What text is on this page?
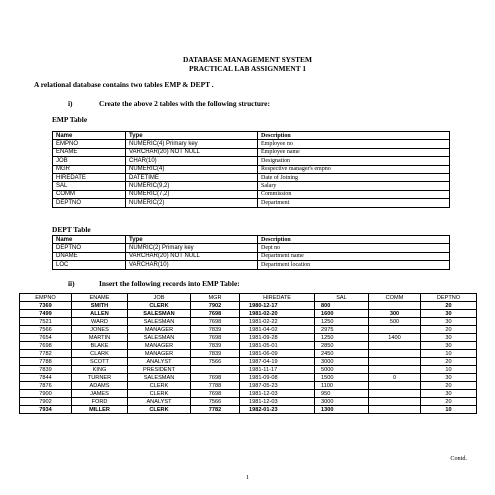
DATABASE MANAGEMENT SYSTEM
PRACTICAL LAB ASSIGNMENT 1
A relational database contains two tables EMP & DEPT .
i)	Create the above 2 tables with the following structure:
EMP Table
Name	Type	Description
EMPNO	NUMERIC(4) Primary key	Employee no
ENAME	VARCHAR(20) NOT NULL	Employee name
JOB	CHAR(10)	Designation
MGR	NUMERIC(4)	Respective manager's empno
HIREDATE	DATETIME	Date of Joining
SAL	NUMERIC(9,2)	Salary
COMM	NUMERIC(7,2)	Commission
DEPTNO	NUMERIC(2)	Department
DEPT Table
Name	Type	Description
DEPTNO	NUMRIC(2) Primary key	Dept no
DNAME	VARCHAR(20) NOT NULL	Department name
LOC	VARCHAR(10)	Department location
ii)	Insert the following records into EMP Table:
EMPNO	ENAME	JOB	MGR	HIREDATE	SAL	COMM	DEPTNO
7369	SMITH	CLERK	7902	1980-12-17	800		20
7499	ALLEN	SALESMAN	7698	1981-02-20	1600	300	30
7521	WARD	SALESMAN	7698	1981-02-22	1250	500	30
7566	JONES	MANAGER	7839	1981-04-02	2975		20
7654	MARTIN	SALESMAN	7698	1981-09-28	1250	1400	30
7698	BLAKE	MANAGER	7839	1981-05-01	2850		30
7782	CLARK	MANAGER	7839	1981-06-09	2450		10
7788	SCOTT	ANALYST	7566	1987-04-19	3000		20
7839	KING	PRESIDENT		1981-11-17	5000		10
7844	TURNER	SALESMAN	7698	1981-09-08	1500	0	30
7876	ADAMS	CLERK	7788	1987-05-23	1100		20
7900	JAMES	CLERK	7698	1981-12-03	950		30
7902	FORD	ANALYST	7566	1981-12-03	3000		20
7934	MILLER	CLERK	7782	1982-01-23	1300		10
Contd.
1
